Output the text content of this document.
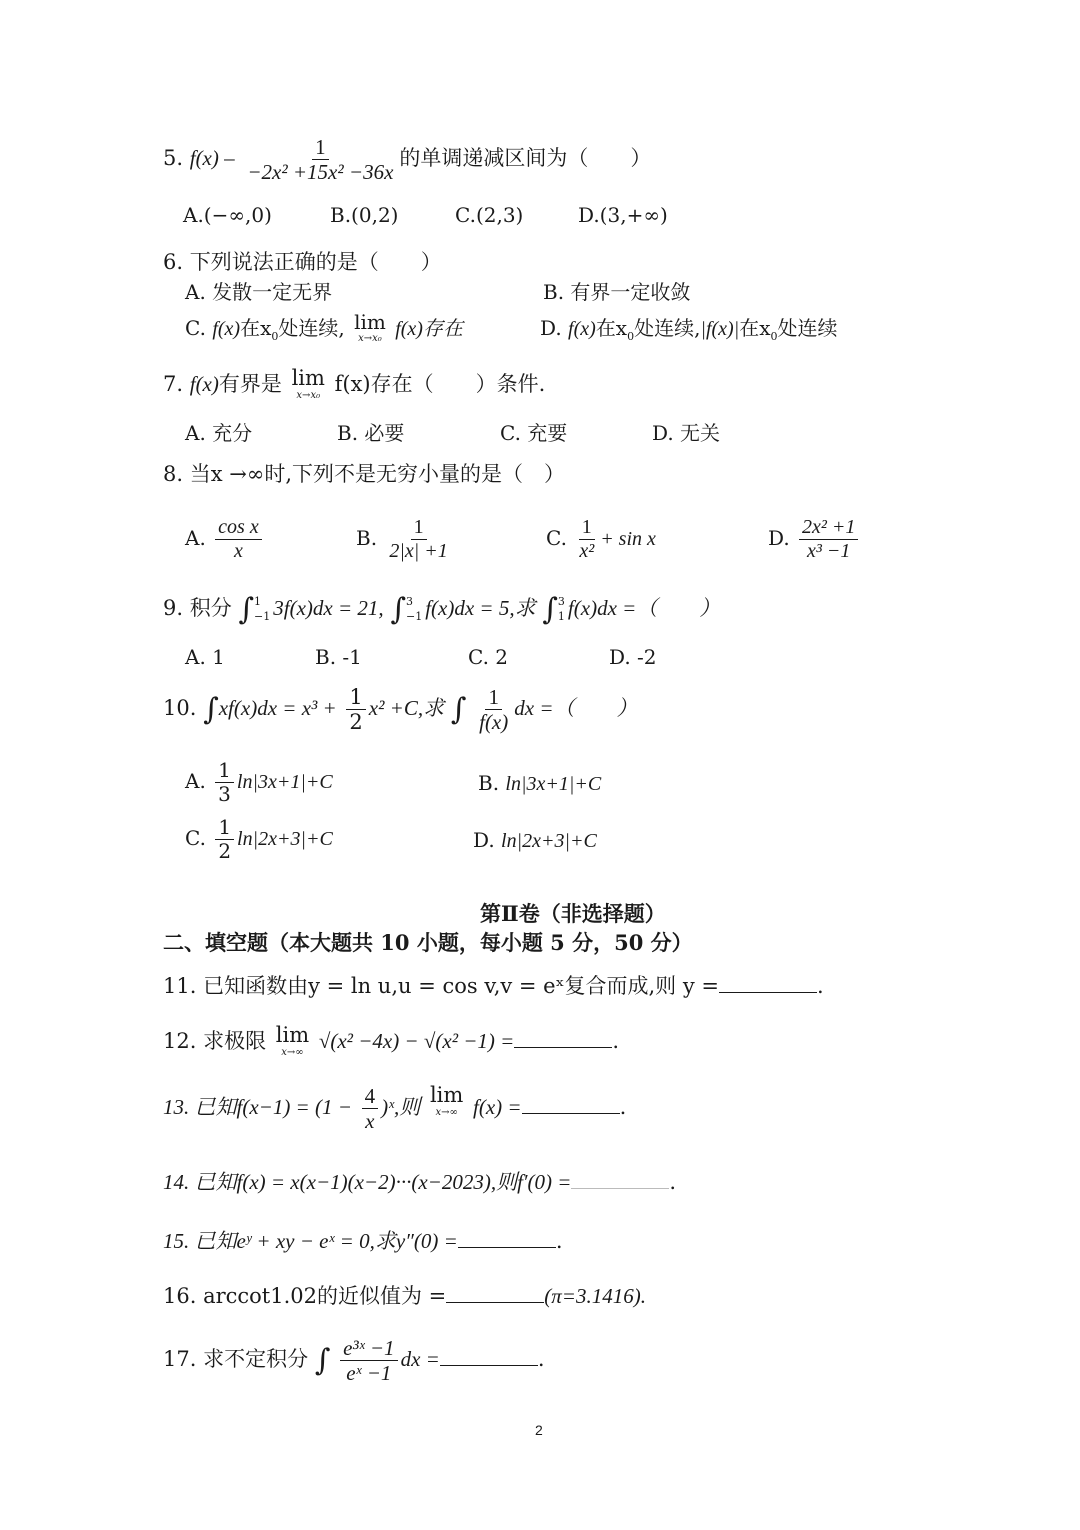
5. $f(x) - \frac{1}{\text{−2x² +15x² −36x}}$ 的单调递减区间为（　　）
A.(−∞,0)	B.(0,2)	C.(2,3)	D.(3,+∞)
6. 下列说法正确的是（　　）
A. 发散一定无界	B. 有界一定收敛
C. f(x)在$x_0$处连续, lim
x→x₀ f(x)存在	D. f(x)在$x_0$处连续,|f(x)|在$x_0$处连续
7. f(x)有界是 lim
x→x₀ f(x)存在（　　）条件.
A. 充分	B. 必要	C. 充要	D. 无关
8. 当x →∞时,下列不是无穷小量的是（　）
A. $\frac{\text{cos x}}{x}$	B. $\frac{1}{2|x| +1}$	C. $\frac{1}{\text{x²}} + \sin x$	D. $\frac{\text{2x² +1}}{\text{x³ −1}}$
9. 积分 ∫ 1
−1 3f(x)dx = 21, ∫ 3
−1 f(x)dx = 5,求 ∫ 3
1 f(x)dx =（　　）
A. 1	B. -1	C. 2	D. -2
10. $\int xf(x)dx = x^3 + \frac{1}{2} x^2 +C$,求 ∫ $\frac{1}{f(x)}$ dx =（　　）
A. $\frac{1}{3} \ln|3x+1|+C$	B. ln|3x+1|+C
C. $\frac{1}{2} \ln|2x+3|+C$	D. ln|2x+3|+C
第Ⅱ卷（非选择题）
二、填空题（本大题共 10 小题，每小题 5 分，50 分）
11. 已知函数由y = ln u,u = cos v,v = eˣ复合而成,则 y =	.
12. 求极限 lim
x→∞ √(x² −4x) − √(x² −1) =	.
13. 已知$f(x-1) = (1 - \frac{4}{x}$ )ˣ,则
lim
x→∞ f(x) =	.
14. 已知f(x) = x(x−1)(x−2)···(x−2023),则f′(0) =	.
15. 已知eʸ + xy − eˣ = 0,求y″(0) =	.
16. arccot1.02的近似值为 =	(π=3.1416).
17. 求不定积分 ∫ $\frac{\text{e³ˣ −1}}{\text{eˣ −1}}$ dx =	.
2
